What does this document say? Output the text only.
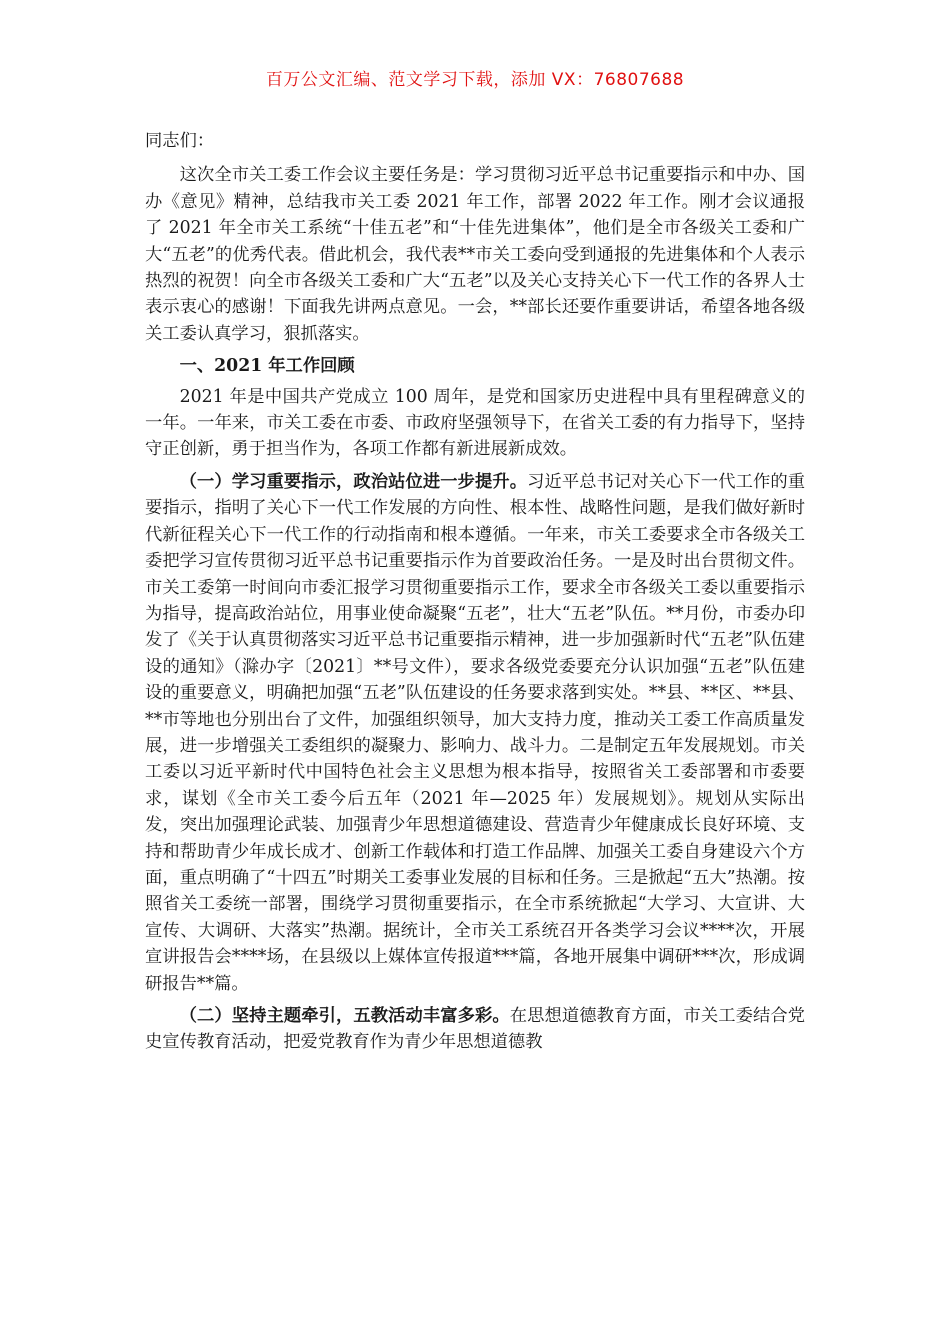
百万公文汇编、范文学习下载，添加 VX：76807688

同志们：

这次全市关工委工作会议主要任务是：学习贯彻习近平总书记重要指示和中办、国办《意见》精神，总结我市关工委 2021 年工作，部署 2022 年工作。刚才会议通报了 2021 年全市关工系统“十佳五老”和“十佳先进集体”，他们是全市各级关工委和广大“五老”的优秀代表。借此机会，我代表**市关工委向受到通报的先进集体和个人表示热烈的祝贺！向全市各级关工委和广大“五老”以及关心支持关心下一代工作的各界人士表示衷心的感谢！下面我先讲两点意见。一会，**部长还要作重要讲话，希望各地各级关工委认真学习，狠抓落实。

一、2021 年工作回顾

2021 年是中国共产党成立 100 周年，是党和国家历史进程中具有里程碑意义的一年。一年来，市关工委在市委、市政府坚强领导下，在省关工委的有力指导下，坚持守正创新，勇于担当作为，各项工作都有新进展新成效。

（一）学习重要指示，政治站位进一步提升。习近平总书记对关心下一代工作的重要指示，指明了关心下一代工作发展的方向性、根本性、战略性问题，是我们做好新时代新征程关心下一代工作的行动指南和根本遵循。一年来，市关工委要求全市各级关工委把学习宣传贯彻习近平总书记重要指示作为首要政治任务。一是及时出台贯彻文件。市关工委第一时间向市委汇报学习贯彻重要指示工作，要求全市各级关工委以重要指示为指导，提高政治站位，用事业使命凝聚“五老”，壮大“五老”队伍。**月份，市委办印发了《关于认真贯彻落实习近平总书记重要指示精神，进一步加强新时代“五老”队伍建设的通知》（滁办字〔2021〕**号文件），要求各级党委要充分认识加强“五老”队伍建设的重要意义，明确把加强“五老”队伍建设的任务要求落到实处。**县、**区、**县、**市等地也分别出台了文件，加强组织领导，加大支持力度，推动关工委工作高质量发展，进一步增强关工委组织的凝聚力、影响力、战斗力。二是制定五年发展规划。市关工委以习近平新时代中国特色社会主义思想为根本指导，按照省关工委部署和市委要求，谋划《全市关工委今后五年（2021 年—2025 年）发展规划》。规划从实际出发，突出加强理论武装、加强青少年思想道德建设、营造青少年健康成长良好环境、支持和帮助青少年成长成才、创新工作载体和打造工作品牌、加强关工委自身建设六个方面，重点明确了“十四五”时期关工委事业发展的目标和任务。三是掀起“五大”热潮。按照省关工委统一部署，围绕学习贯彻重要指示，在全市系统掀起“大学习、大宣讲、大宣传、大调研、大落实”热潮。据统计，全市关工系统召开各类学习会议****次，开展宣讲报告会****场，在县级以上媒体宣传报道***篇，各地开展集中调研***次，形成调研报告**篇。

（二）坚持主题牵引，五教活动丰富多彩。在思想道德教育方面，市关工委结合党史宣传教育活动，把爱党教育作为青少年思想道德教
